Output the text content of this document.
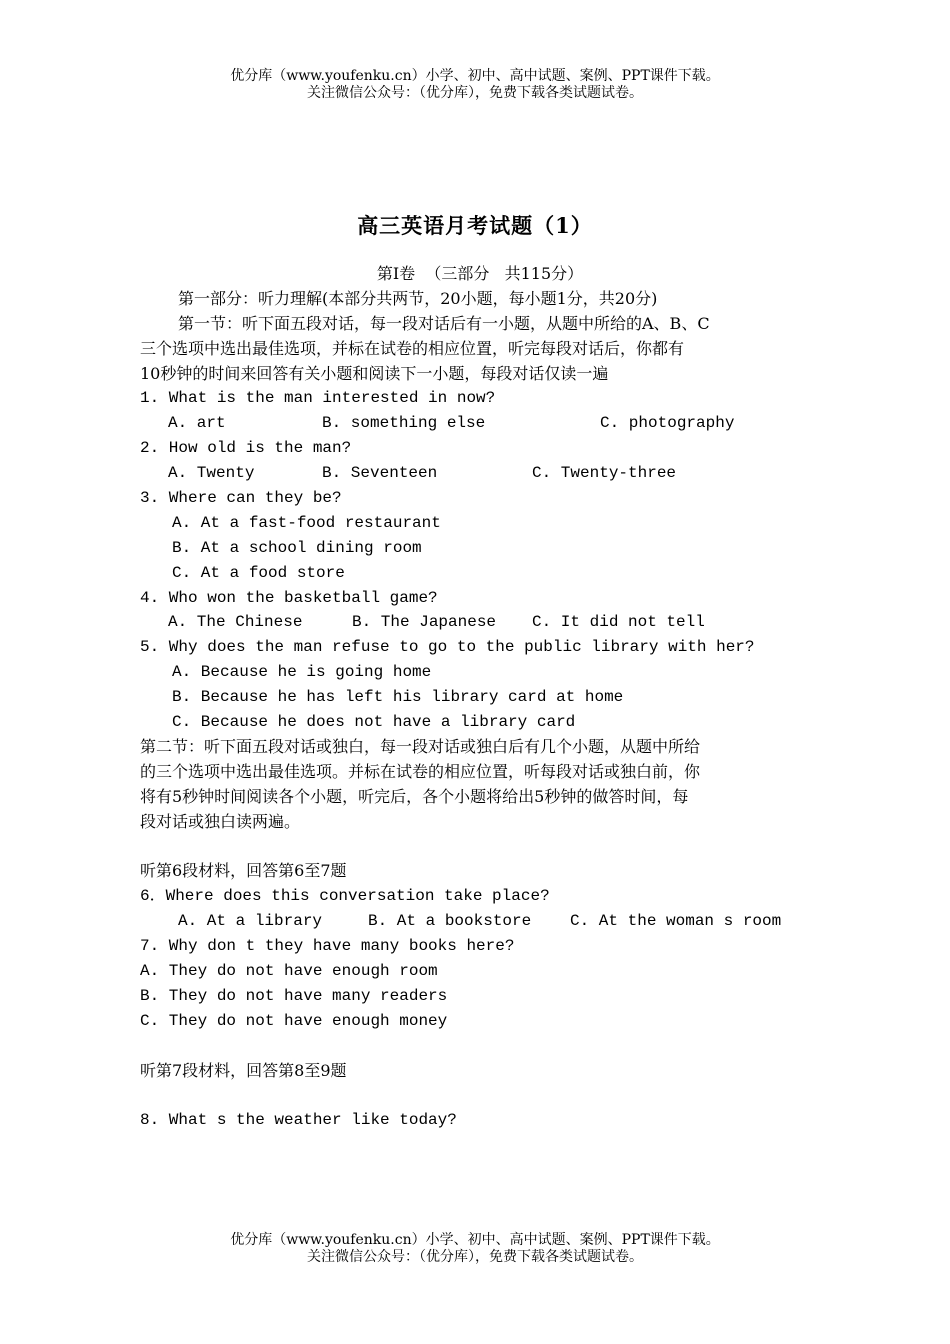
优分库（www.youfenku.cn）小学、初中、高中试题、案例、PPT课件下载。
关注微信公众号：（优分库），免费下载各类试题试卷。
高三英语月考试题（1）
第Ⅰ卷  （三部分   共115分）
第一部分：听力理解(本部分共两节，20小题，每小题1分，共20分)
第一节：听下面五段对话，每一段对话后有一小题，从题中所给的A、B、C
三个选项中选出最佳选项，并标在试卷的相应位置，听完每段对话后，你都有
10秒钟的时间来回答有关小题和阅读下一小题，每段对话仅读一遍
1. What is the man interested in now?

A. art

	B. something else

	C. photography

2. How old is the man?

A. Twenty

	B. Seventeen

	C. Twenty-three

3. Where can they be?
A. At a fast-food restaurant
B. At a school dining room
C. At a food store
4. Who won the basketball game?

A. The Chinese

	B. The Japanese

C. It did not tell

5. Why does the man refuse to go to the public library with her?
A. Because he is going home
B. Because he has left his library card at home
C. Because he does not have a library card
第二节：听下面五段对话或独白，每一段对话或独白后有几个小题，从题中所给
的三个选项中选出最佳选项。并标在试卷的相应位置，听每段对话或独白前，你
将有5秒钟时间阅读各个小题，听完后，各个小题将给出5秒钟的做答时间，每
段对话或独白读两遍。
听第6段材料，回答第6至7题
6．Where does this conversation take place?

A. At a library

	B. At a bookstore

C. At the woman s room

7. Why don t they have many books here?
A. They do not have enough room
B. They do not have many readers
C. They do not have enough money
听第7段材料，回答第8至9题
8. What s the weather like today?
优分库（www.youfenku.cn）小学、初中、高中试题、案例、PPT课件下载。
关注微信公众号：（优分库），免费下载各类试题试卷。
